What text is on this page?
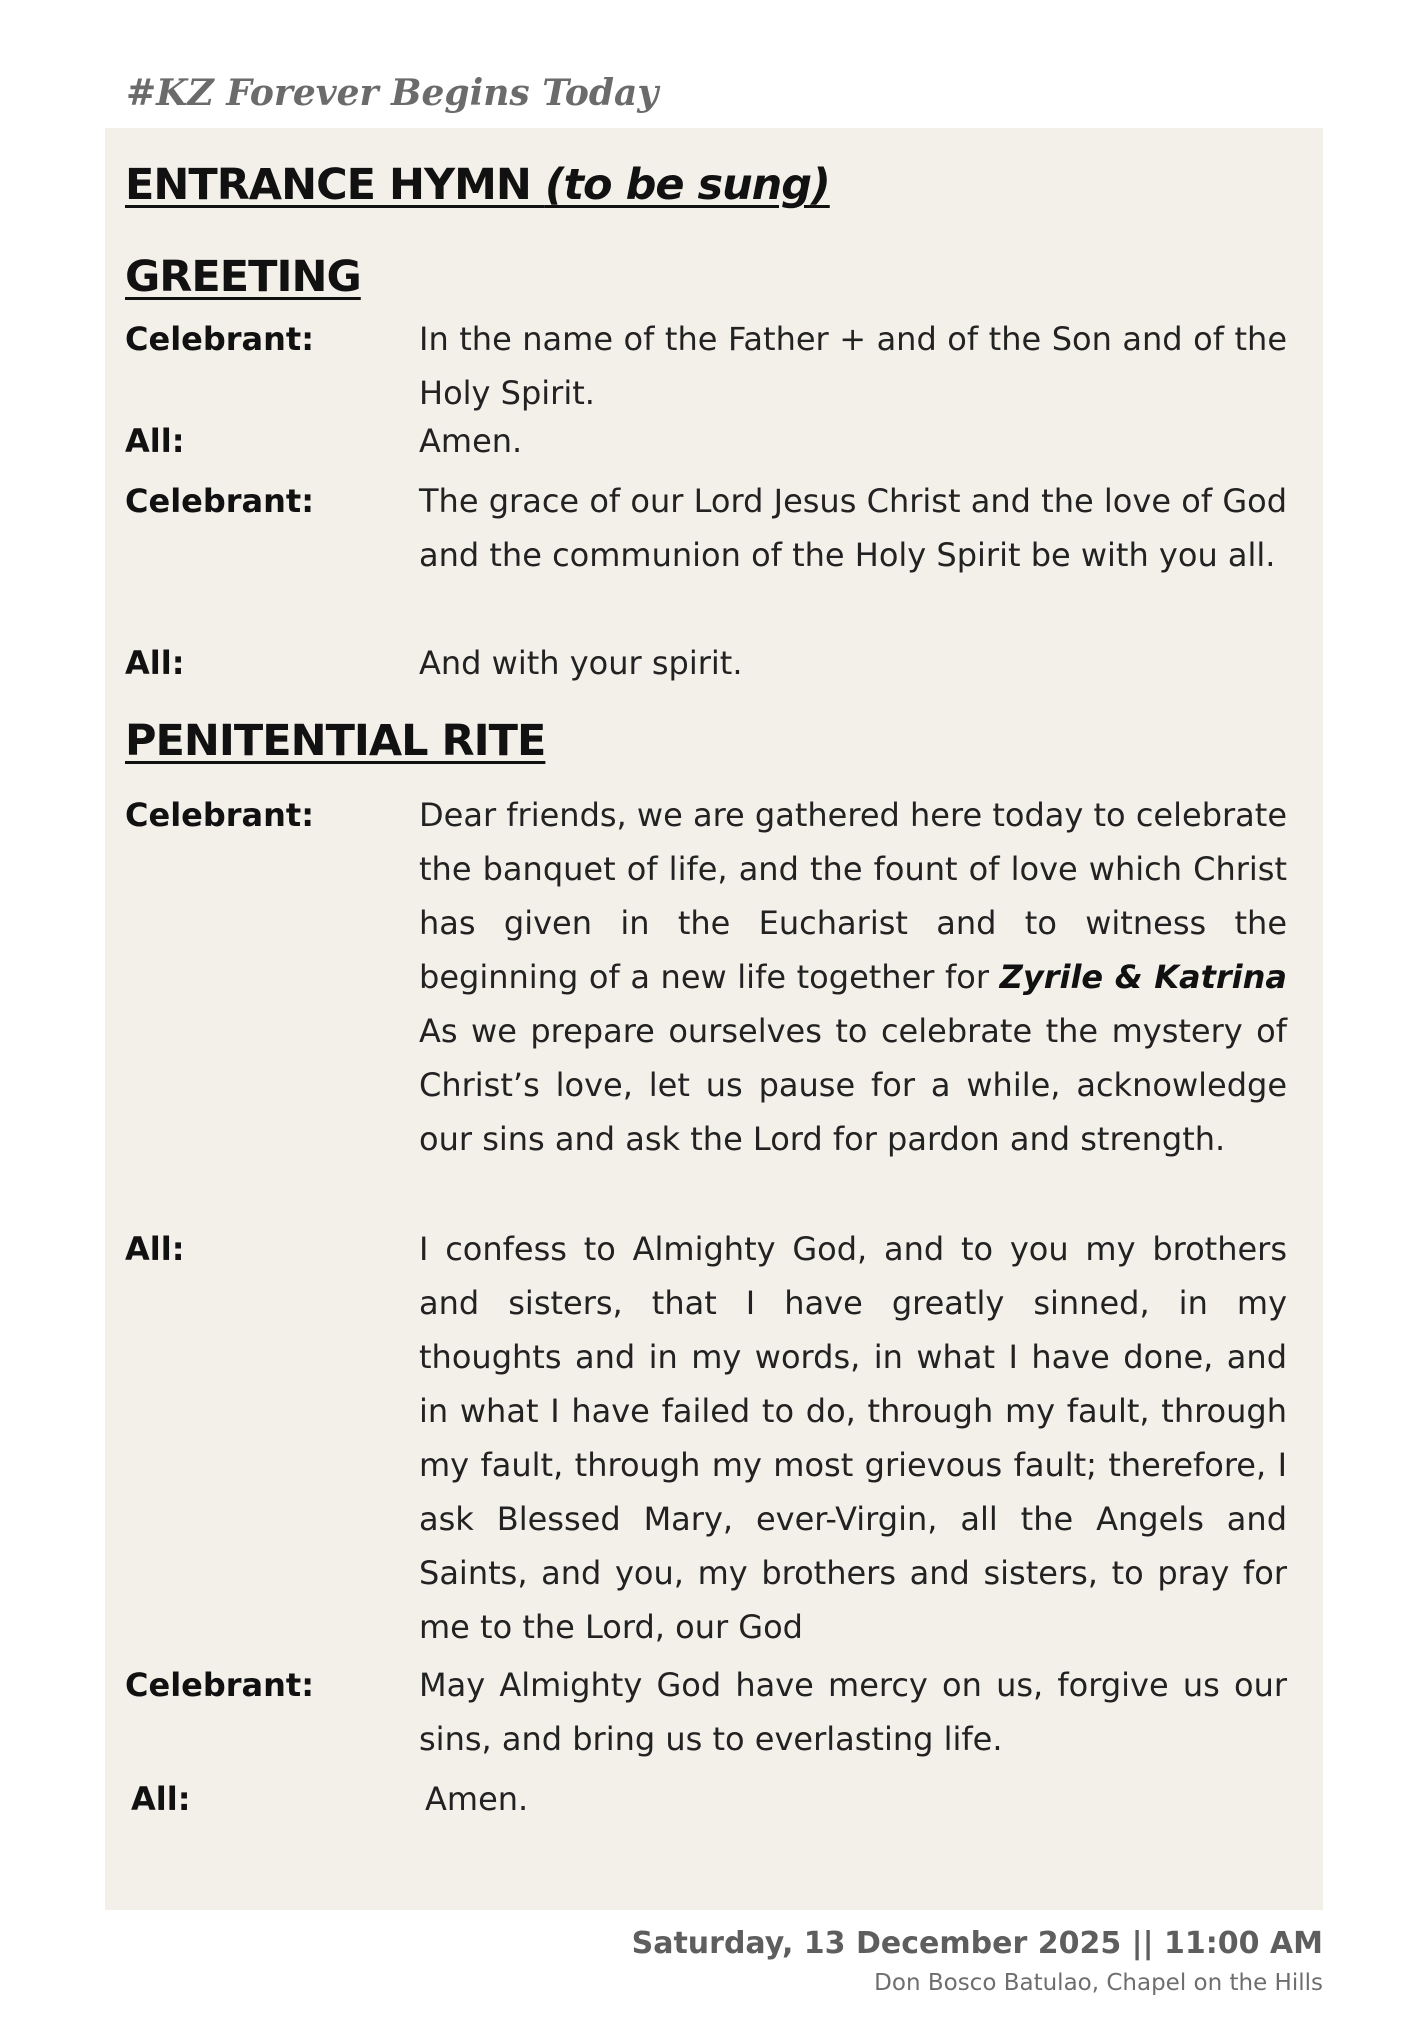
#KZ Forever Begins Today
ENTRANCE HYMN (to be sung)
GREETING

Celebrant:	In the name of the Father + and of the Son and of the Holy Spirit.

All:	Amen.

Celebrant:	The grace of our Lord Jesus Christ and the love of God and the communion of the Holy Spirit be with you all.

All:	And with your spirit.

PENITENTIAL RITE

Celebrant:	Dear friends, we are gathered here today to celebrate the banquet of life, and the fount of love which Christ has given in the Eucharist and to witness the beginning of a new life together for Zyrile & Katrina As we prepare ourselves to celebrate the mystery of Christ’s love, let us pause for a while, acknowledge our sins and ask the Lord for pardon and strength.

All:	I confess to Almighty God, and to you my brothers and sisters, that I have greatly sinned, in my thoughts and in my words, in what I have done, and in what I have failed to do, through my fault, through my fault, through my most grievous fault; therefore, I ask Blessed Mary, ever-Virgin, all the Angels and Saints, and you, my brothers and sisters, to pray for me to the Lord, our God

Celebrant:	May Almighty God have mercy on us, forgive us our sins, and bring us to everlasting life.

All:	Amen.

Saturday, 13 December 2025 || 11:00 AM

Don Bosco Batulao, Chapel on the Hills
